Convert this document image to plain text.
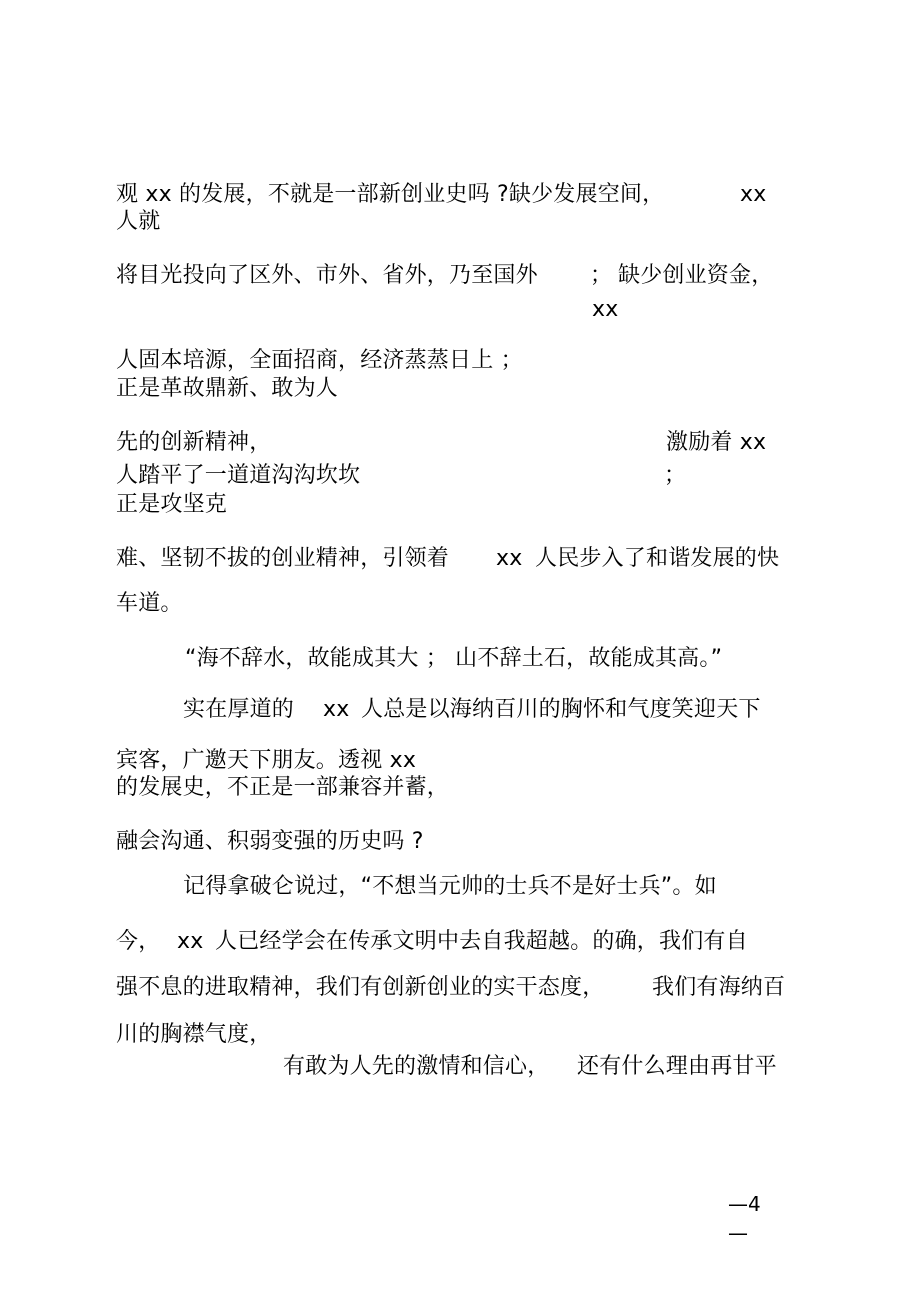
观 xx 的发展，不就是一部新创业史吗 ?缺少发展空间，	xx
人就
将目光投向了区外、市外、省外，乃至国外 ； 缺少创业资金，
xx
人固本培源，全面招商，经济蒸蒸日上 ；
正是革故鼎新、敢为人
先的创新精神，	激励着 xx
人踏平了一道道沟沟坎坎	；
正是攻坚克
难、坚韧不拔的创业精神，引领着 xx 人民步入了和谐发展的快
车道。
“海不辞水，故能成其大 ； 山不辞土石，故能成其高。”
实在厚道的 xx 人总是以海纳百川的胸怀和气度笑迎天下
宾客，广邀天下朋友。透视 xx
的发展史，不正是一部兼容并蓄，
融会沟通、积弱变强的历史吗 ?
记得拿破仑说过，“不想当元帅的士兵不是好士兵”。如
今， xx 人已经学会在传承文明中去自我超越。的确，我们有自
强不息的进取精神，我们有创新创业的实干态度， 我们有海纳百
川的胸襟气度，
有敢为人先的激情和信心， 还有什么理由再甘平
—4
—
